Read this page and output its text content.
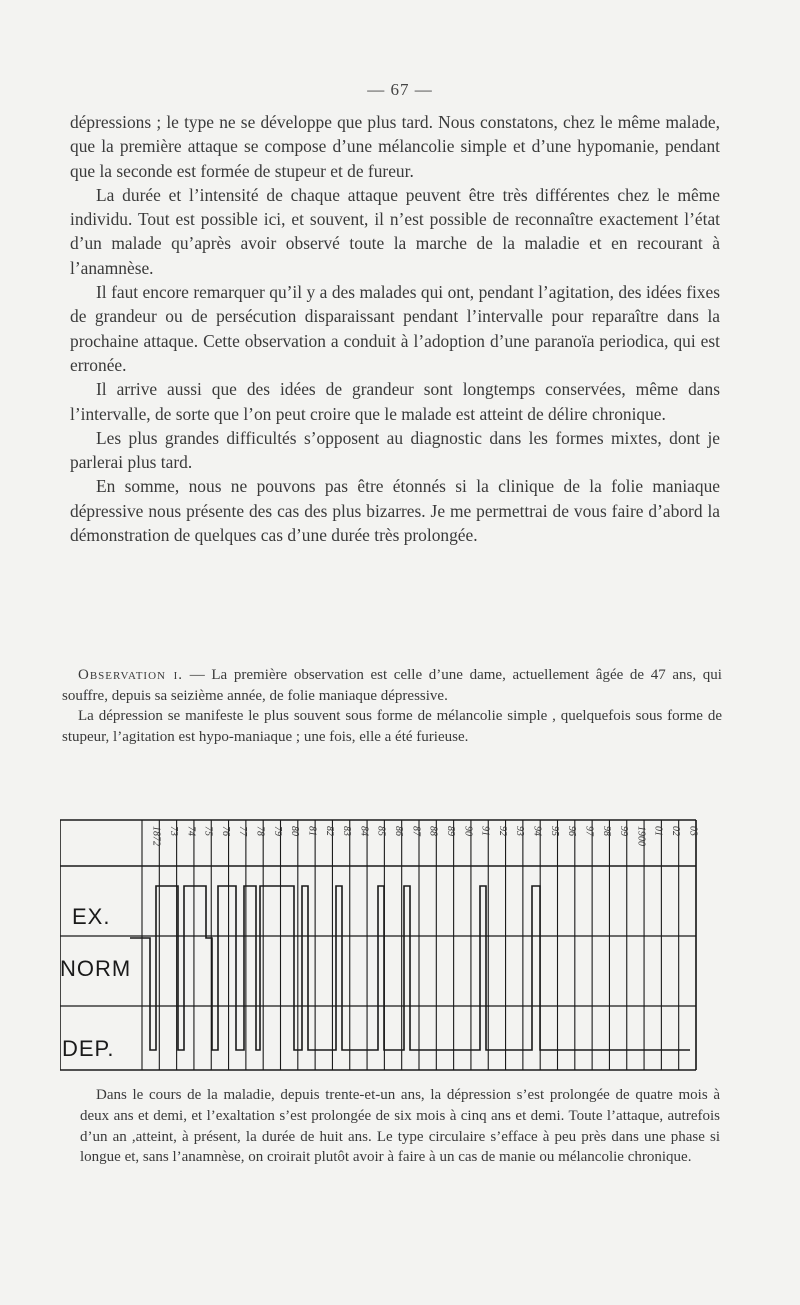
— 67 —

dépressions ; le type ne se développe que plus tard. Nous constatons, chez le même malade, que la première attaque se compose d’une mélancolie simple et d’une hypomanie, pendant que la seconde est formée de stupeur et de fureur.

La durée et l’intensité de chaque attaque peuvent être très différentes chez le même individu. Tout est possible ici, et souvent, il n’est possible de reconnaître exactement l’état d’un malade qu’après avoir observé toute la marche de la maladie et en recourant à l’anamnèse.

Il faut encore remarquer qu’il y a des malades qui ont, pendant l’agitation, des idées fixes de grandeur ou de persécution disparaissant pendant l’intervalle pour reparaître dans la prochaine attaque. Cette observation a conduit à l’adoption d’une paranoïa periodica, qui est erronée.

Il arrive aussi que des idées de grandeur sont longtemps conservées, même dans l’intervalle, de sorte que l’on peut croire que le malade est atteint de délire chronique.

Les plus grandes difficultés s’opposent au diagnostic dans les formes mixtes, dont je parlerai plus tard.

En somme, nous ne pouvons pas être étonnés si la clinique de la folie maniaque dépressive nous présente des cas des plus bizarres. Je me permettrai de vous faire d’abord la démonstration de quelques cas d’une durée très prolongée.

Observation i. — La première observation est celle d’une dame, actuellement âgée de 47 ans, qui souffre, depuis sa seizième année, de folie maniaque dépressive.

La dépression se manifeste le plus souvent sous forme de mélancolie simple , quelquefois sous forme de stupeur, l’agitation est hypo-maniaque ; une fois, elle a été furieuse.

1872 73 74 75 76 77 78 79 80 81 82 83 84 85 86 87 88 89 90 91 92 93 94 95 96 97 98 99 1900 01 02 03
EX.
NORM
DEP.

Dans le cours de la maladie, depuis trente-et-un ans, la dépression s’est prolongée de quatre mois à deux ans et demi, et l’exaltation s’est prolongée de six mois à cinq ans et demi. Toute l’attaque, autrefois d’un an ,atteint, à présent, la durée de huit ans. Le type circulaire s’efface à peu près dans une phase si longue et, sans l’anamnèse, on croirait plutôt avoir à faire à un cas de manie ou mélancolie chronique.
